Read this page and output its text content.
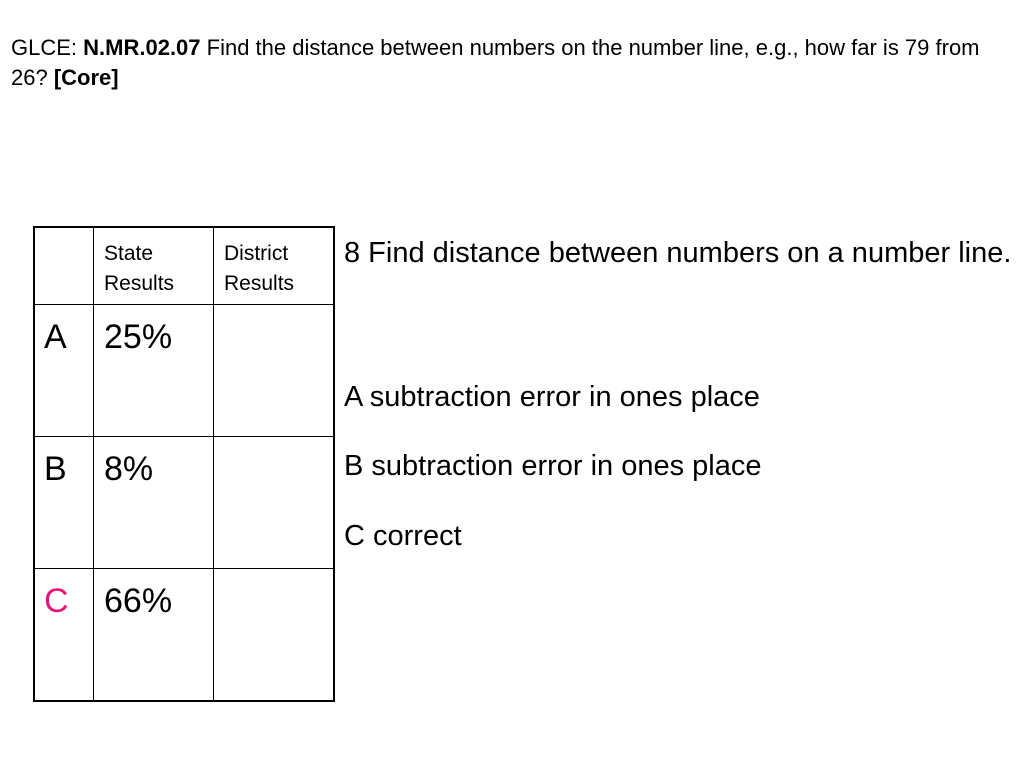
GLCE: N.MR.02.07 Find the distance between numbers on the number line, e.g., how far is 79 from 26? [Core]

	State Results	District Results

A	25%	

B	8%	

C	66%	

8 Find distance between numbers on a number line.

A subtraction error in ones place

B subtraction error in ones place

C correct
